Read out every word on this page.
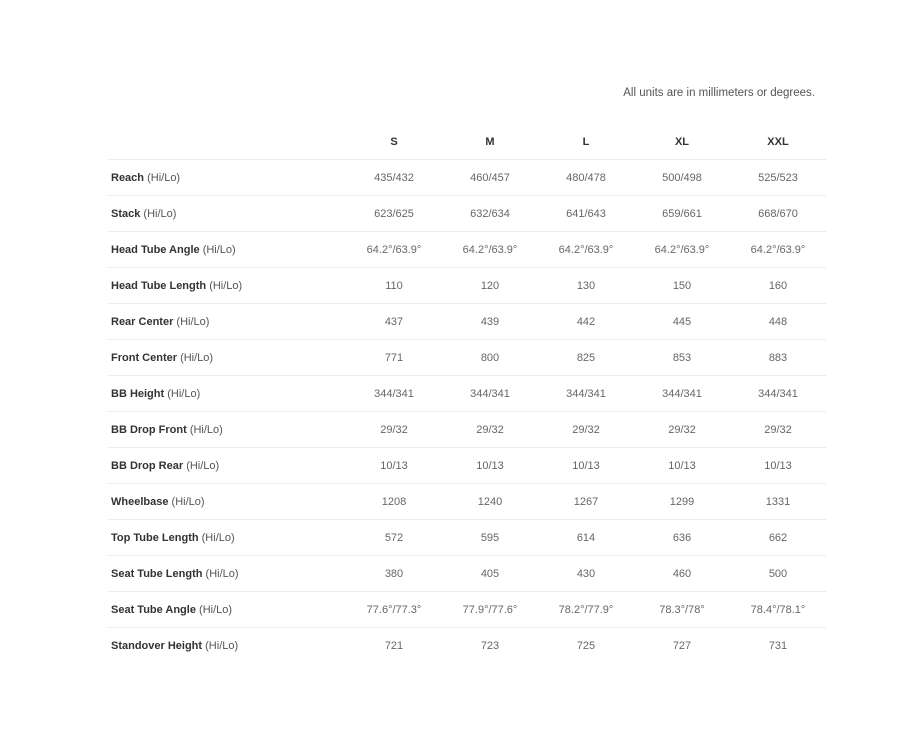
All units are in millimeters or degrees.
	S	M	L	XL	XXL
Reach (Hi/Lo)	435/432	460/457	480/478	500/498	525/523
Stack (Hi/Lo)	623/625	632/634	641/643	659/661	668/670
Head Tube Angle (Hi/Lo)	64.2°/63.9°	64.2°/63.9°	64.2°/63.9°	64.2°/63.9°	64.2°/63.9°
Head Tube Length (Hi/Lo)	110	120	130	150	160
Rear Center (Hi/Lo)	437	439	442	445	448
Front Center (Hi/Lo)	771	800	825	853	883
BB Height (Hi/Lo)	344/341	344/341	344/341	344/341	344/341
BB Drop Front (Hi/Lo)	29/32	29/32	29/32	29/32	29/32
BB Drop Rear (Hi/Lo)	10/13	10/13	10/13	10/13	10/13
Wheelbase (Hi/Lo)	1208	1240	1267	1299	1331
Top Tube Length (Hi/Lo)	572	595	614	636	662
Seat Tube Length (Hi/Lo)	380	405	430	460	500
Seat Tube Angle (Hi/Lo)	77.6°/77.3°	77.9°/77.6°	78.2°/77.9°	78.3°/78°	78.4°/78.1°
Standover Height (Hi/Lo)	721	723	725	727	731
